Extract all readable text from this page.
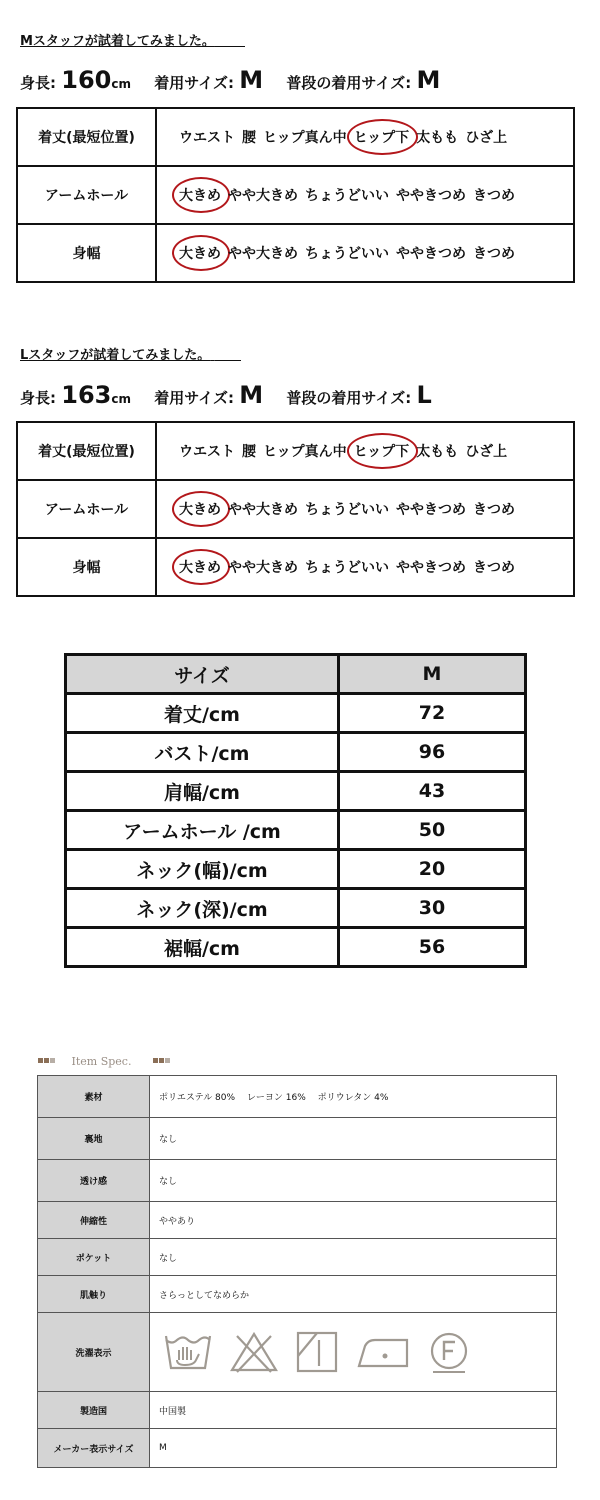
Mスタッフが試着してみました。
身長: 160cm 着用サイズ: M 普段の着用サイズ: M
着丈(最短位置)	ウエスト 腰 ヒップ真ん中 ヒップ下 太もも ひざ上
アームホール	大きめ やや大きめ ちょうどいい ややきつめ きつめ
身幅	大きめ やや大きめ ちょうどいい ややきつめ きつめ
Lスタッフが試着してみました。
身長: 163cm 着用サイズ: M 普段の着用サイズ: L
着丈(最短位置)	ウエスト 腰 ヒップ真ん中 ヒップ下 太もも ひざ上
アームホール	大きめ やや大きめ ちょうどいい ややきつめ きつめ
身幅	大きめ やや大きめ ちょうどいい ややきつめ きつめ
サイズ	M
着丈/cm	72
バスト/cm	96
肩幅/cm	43
アームホール /cm	50
ネック(幅)/cm	20
ネック(深)/cm	30
裾幅/cm	56
Item Spec.
素材	ポリエステル 80%　 レーヨン 16%　 ポリウレタン 4%
裏地	なし
透け感	なし
伸縮性	ややあり
ポケット	なし
肌触り	さらっとしてなめらか
洗濯表示	

製造国	中国製
メーカー表示サイズ	M
